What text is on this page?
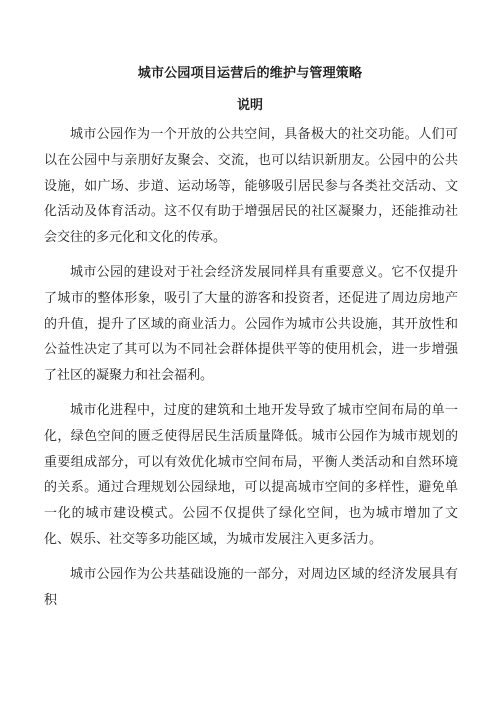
城市公园项目运营后的维护与管理策略
说明

城市公园作为一个开放的公共空间，具备极大的社交功能。人们可以在公园中与亲朋好友聚会、交流，也可以结识新朋友。公园中的公共设施，如广场、步道、运动场等，能够吸引居民参与各类社交活动、文化活动及体育活动。这不仅有助于增强居民的社区凝聚力，还能推动社会交往的多元化和文化的传承。

城市公园的建设对于社会经济发展同样具有重要意义。它不仅提升了城市的整体形象，吸引了大量的游客和投资者，还促进了周边房地产的升值，提升了区域的商业活力。公园作为城市公共设施，其开放性和公益性决定了其可以为不同社会群体提供平等的使用机会，进一步增强了社区的凝聚力和社会福利。

城市化进程中，过度的建筑和土地开发导致了城市空间布局的单一化，绿色空间的匮乏使得居民生活质量降低。城市公园作为城市规划的重要组成部分，可以有效优化城市空间布局，平衡人类活动和自然环境的关系。通过合理规划公园绿地，可以提高城市空间的多样性，避免单一化的城市建设模式。公园不仅提供了绿化空间，也为城市增加了文化、娱乐、社交等多功能区域，为城市发展注入更多活力。

城市公园作为公共基础设施的一部分，对周边区域的经济发展具有积
